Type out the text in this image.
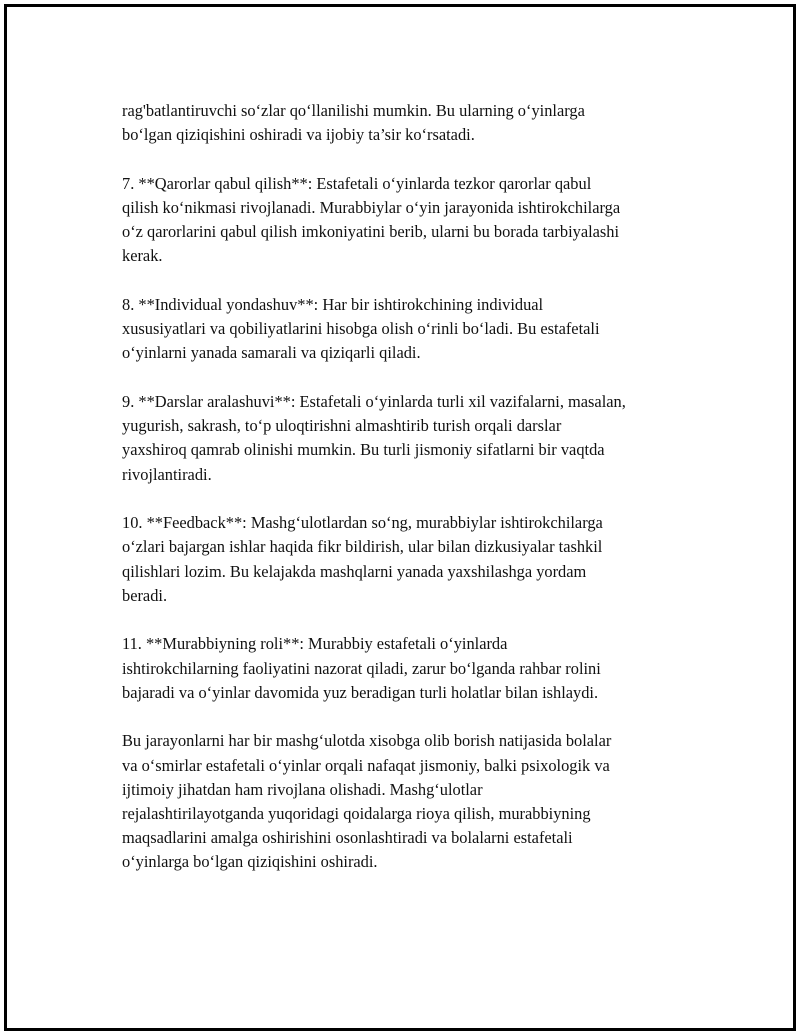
rag'batlantiruvchi so‘zlar qo‘llanilishi mumkin. Bu ularning o‘yinlarga
bo‘lgan qiziqishini oshiradi va ijobiy ta’sir ko‘rsatadi.

7. **Qarorlar qabul qilish**: Estafetali o‘yinlarda tezkor qarorlar qabul
qilish ko‘nikmasi rivojlanadi. Murabbiylar o‘yin jarayonida ishtirokchilarga
o‘z qarorlarini qabul qilish imkoniyatini berib, ularni bu borada tarbiyalashi
kerak.

8. **Individual yondashuv**: Har bir ishtirokchining individual
xususiyatlari va qobiliyatlarini hisobga olish o‘rinli bo‘ladi. Bu estafetali
o‘yinlarni yanada samarali va qiziqarli qiladi.

9. **Darslar aralashuvi**: Estafetali o‘yinlarda turli xil vazifalarni, masalan,
yugurish, sakrash, to‘p uloqtirishni almashtirib turish orqali darslar
yaxshiroq qamrab olinishi mumkin. Bu turli jismoniy sifatlarni bir vaqtda
rivojlantiradi.

10. **Feedback**: Mashg‘ulotlardan so‘ng, murabbiylar ishtirokchilarga
o‘zlari bajargan ishlar haqida fikr bildirish, ular bilan dizkusiyalar tashkil
qilishlari lozim. Bu kelajakda mashqlarni yanada yaxshilashga yordam
beradi.

11. **Murabbiyning roli**: Murabbiy estafetali o‘yinlarda
ishtirokchilarning faoliyatini nazorat qiladi, zarur bo‘lganda rahbar rolini
bajaradi va o‘yinlar davomida yuz beradigan turli holatlar bilan ishlaydi.

Bu jarayonlarni har bir mashg‘ulotda xisobga olib borish natijasida bolalar
va o‘smirlar estafetali o‘yinlar orqali nafaqat jismoniy, balki psixologik va
ijtimoiy jihatdan ham rivojlana olishadi. Mashg‘ulotlar
rejalashtirilayotganda yuqoridagi qoidalarga rioya qilish, murabbiyning
maqsadlarini amalga oshirishini osonlashtiradi va bolalarni estafetali
o‘yinlarga bo‘lgan qiziqishini oshiradi.
